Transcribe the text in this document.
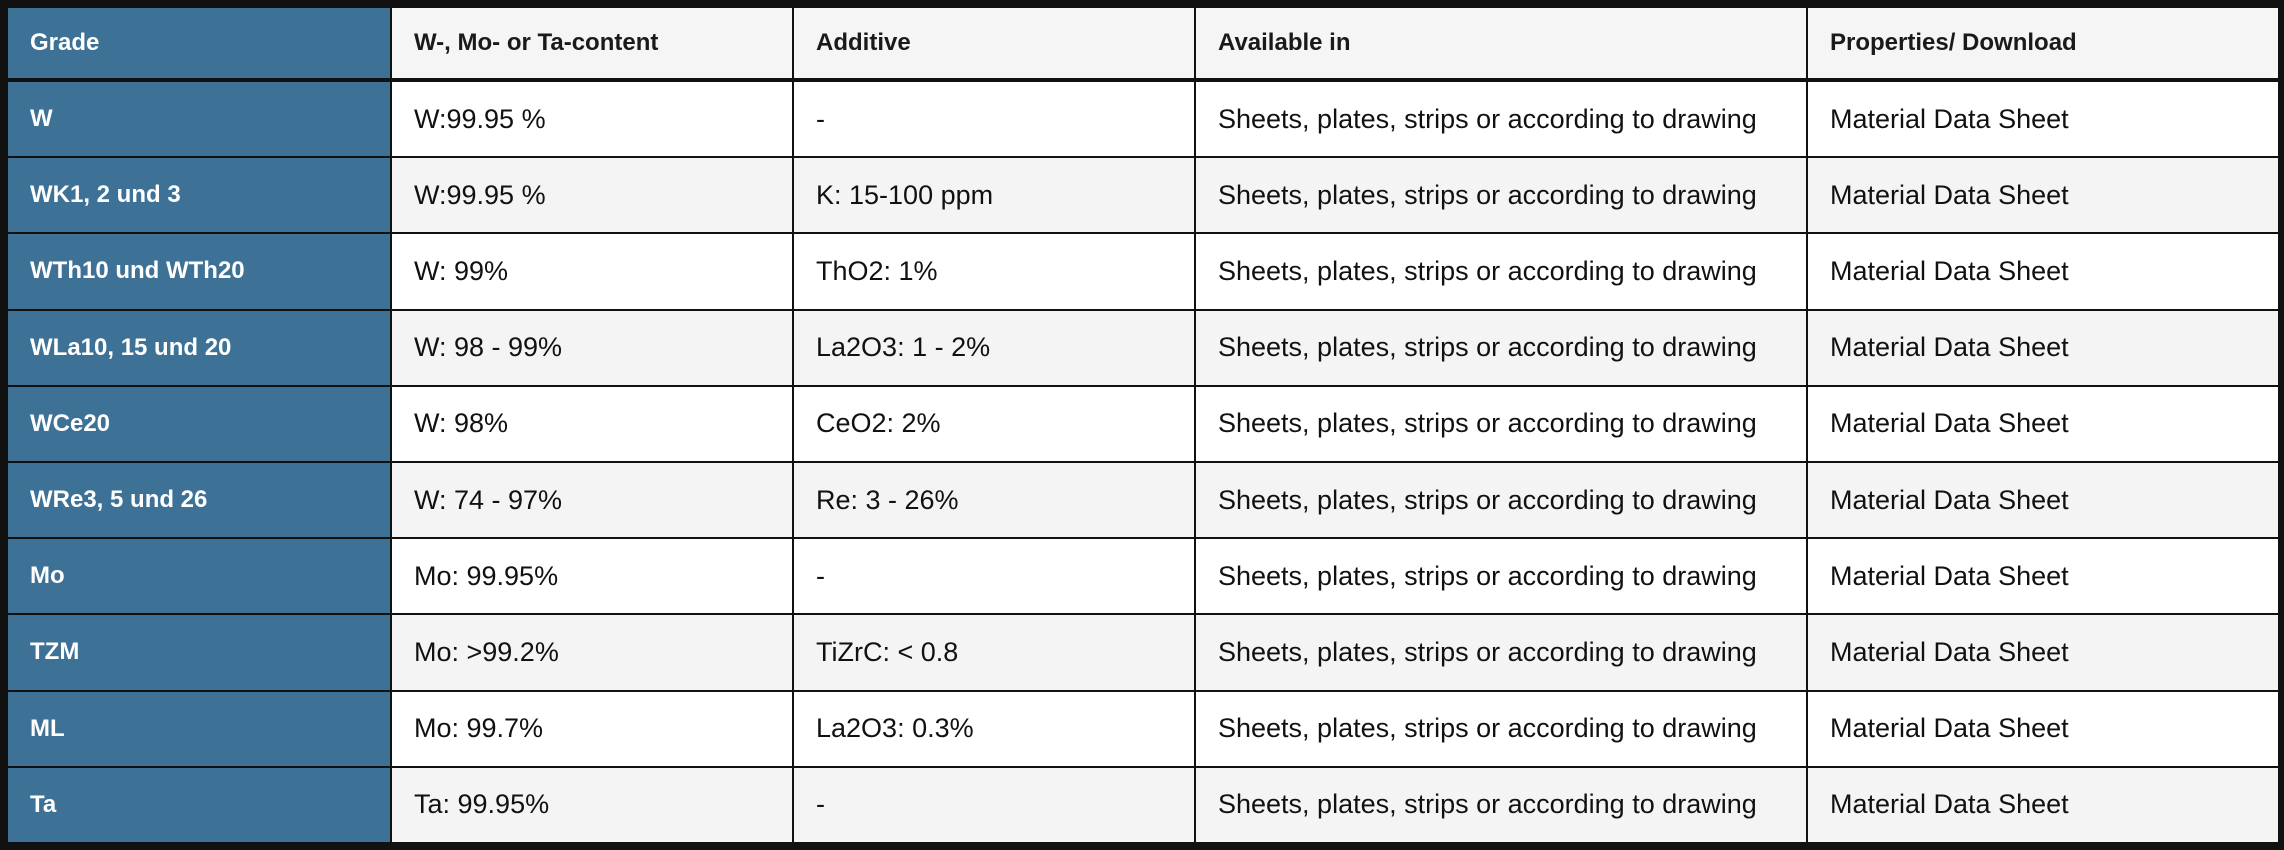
Grade	W-, Mo- or Ta-content	Additive	Available in	Properties/ Download
W	W:99.95 %	-	Sheets, plates, strips or according to drawing	Material Data Sheet
WK1, 2 und 3	W:99.95 %	K: 15-100 ppm	Sheets, plates, strips or according to drawing	Material Data Sheet
WTh10 und WTh20	W: 99%	ThO2: 1%	Sheets, plates, strips or according to drawing	Material Data Sheet
WLa10, 15 und 20	W: 98 - 99%	La2O3: 1 - 2%	Sheets, plates, strips or according to drawing	Material Data Sheet
WCe20	W: 98%	CeO2: 2%	Sheets, plates, strips or according to drawing	Material Data Sheet
WRe3, 5 und 26	W: 74 - 97%	Re: 3 - 26%	Sheets, plates, strips or according to drawing	Material Data Sheet
Mo	Mo: 99.95%	-	Sheets, plates, strips or according to drawing	Material Data Sheet
TZM	Mo: >99.2%	TiZrC: < 0.8	Sheets, plates, strips or according to drawing	Material Data Sheet
ML	Mo: 99.7%	La2O3: 0.3%	Sheets, plates, strips or according to drawing	Material Data Sheet
Ta	Ta: 99.95%	-	Sheets, plates, strips or according to drawing	Material Data Sheet
